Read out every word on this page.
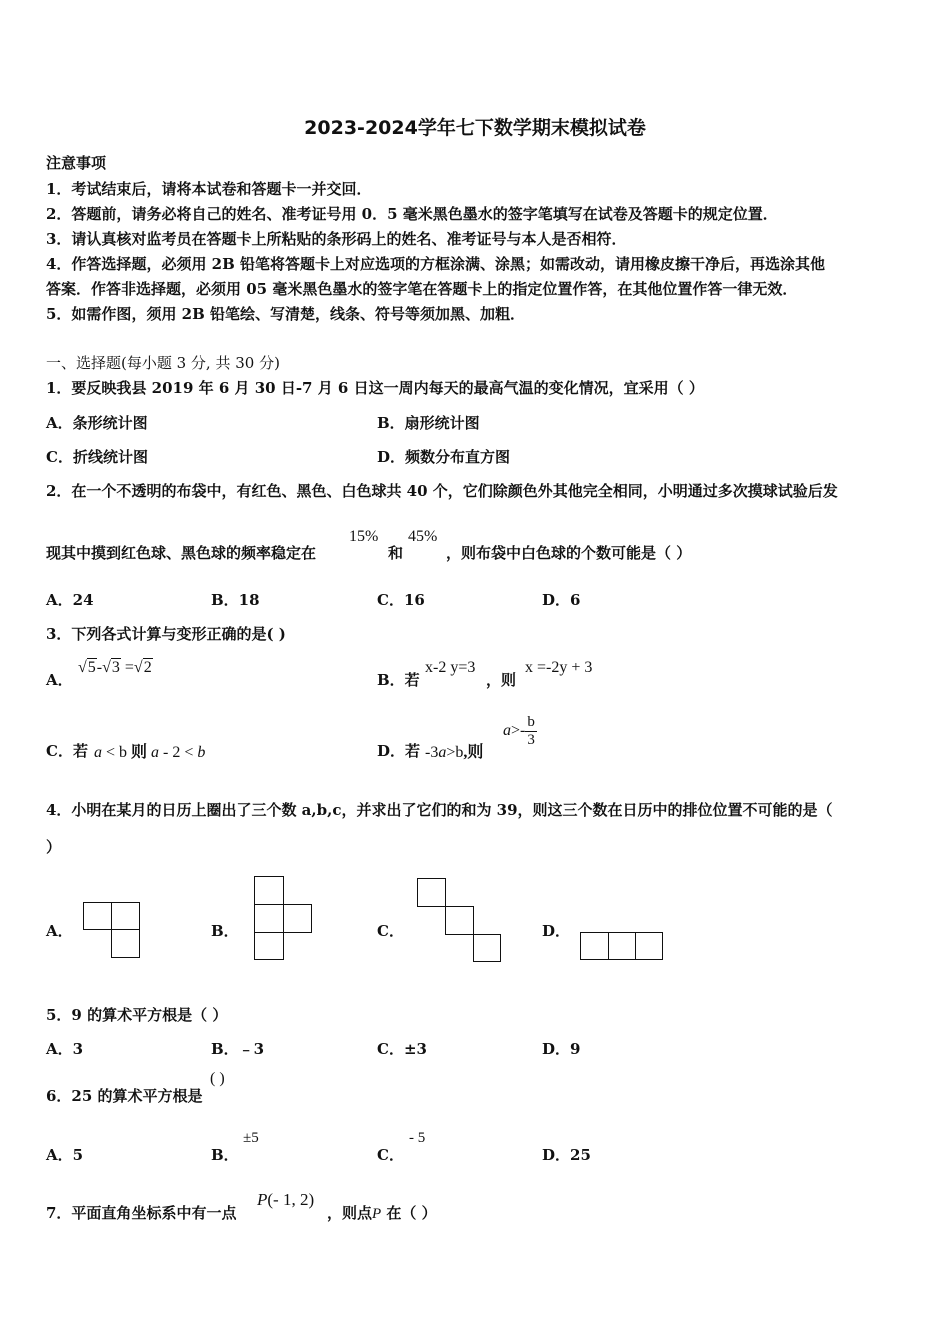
2023-2024学年七下数学期末模拟试卷
注意事项
1．考试结束后，请将本试卷和答题卡一并交回．
2．答题前，请务必将自己的姓名、准考证号用 0．5 毫米黑色墨水的签字笔填写在试卷及答题卡的规定位置．
3．请认真核对监考员在答题卡上所粘贴的条形码上的姓名、准考证号与本人是否相符．
4．作答选择题，必须用 2B 铅笔将答题卡上对应选项的方框涂满、涂黑；如需改动，请用橡皮擦干净后，再选涂其他
答案．作答非选择题，必须用 05 毫米黑色墨水的签字笔在答题卡上的指定位置作答，在其他位置作答一律无效．
5．如需作图，须用 2B 铅笔绘、写清楚，线条、符号等须加黑、加粗．
一、选择题(每小题 3 分, 共 30 分)
1．要反映我县 2019 年 6 月 30 日-7 月 6 日这一周内每天的最高气温的变化情况，宜采用（ ）
A．条形统计图	B．扇形统计图
C．折线统计图	D．频数分布直方图
2．在一个不透明的布袋中，有红色、黑色、白色球共 40 个，它们除颜色外其他完全相同，小明通过多次摸球试验后发
现其中摸到红色球、黑色球的频率稳定在
15%
和
45%
，则布袋中白色球的个数可能是（ ）
A．24	B．18	C．16	D．6
3．下列各式计算与变形正确的是( )
A．
√5-√3 =√2
B．若
x-2 y=3
，则
x =-2y + 3
C．若 a < b 则 a - 2 < b	D．若 -3a>b,则
$a>- \frac{b}{3}$
4．小明在某月的日历上圈出了三个数 a,b,c，并求出了它们的和为 39，则这三个数在日历中的排位位置不可能的是（
）
A．	B．	C．	D．
5．9 的算术平方根是（ ）
A．3	B．﹣3	C．±3	D．9
6．25 的算术平方根是
( )
A．5	B．
±5
C．
- 5
D．25
7．平面直角坐标系中有一点
P(- 1, 2)
，则点P 在（ ）
